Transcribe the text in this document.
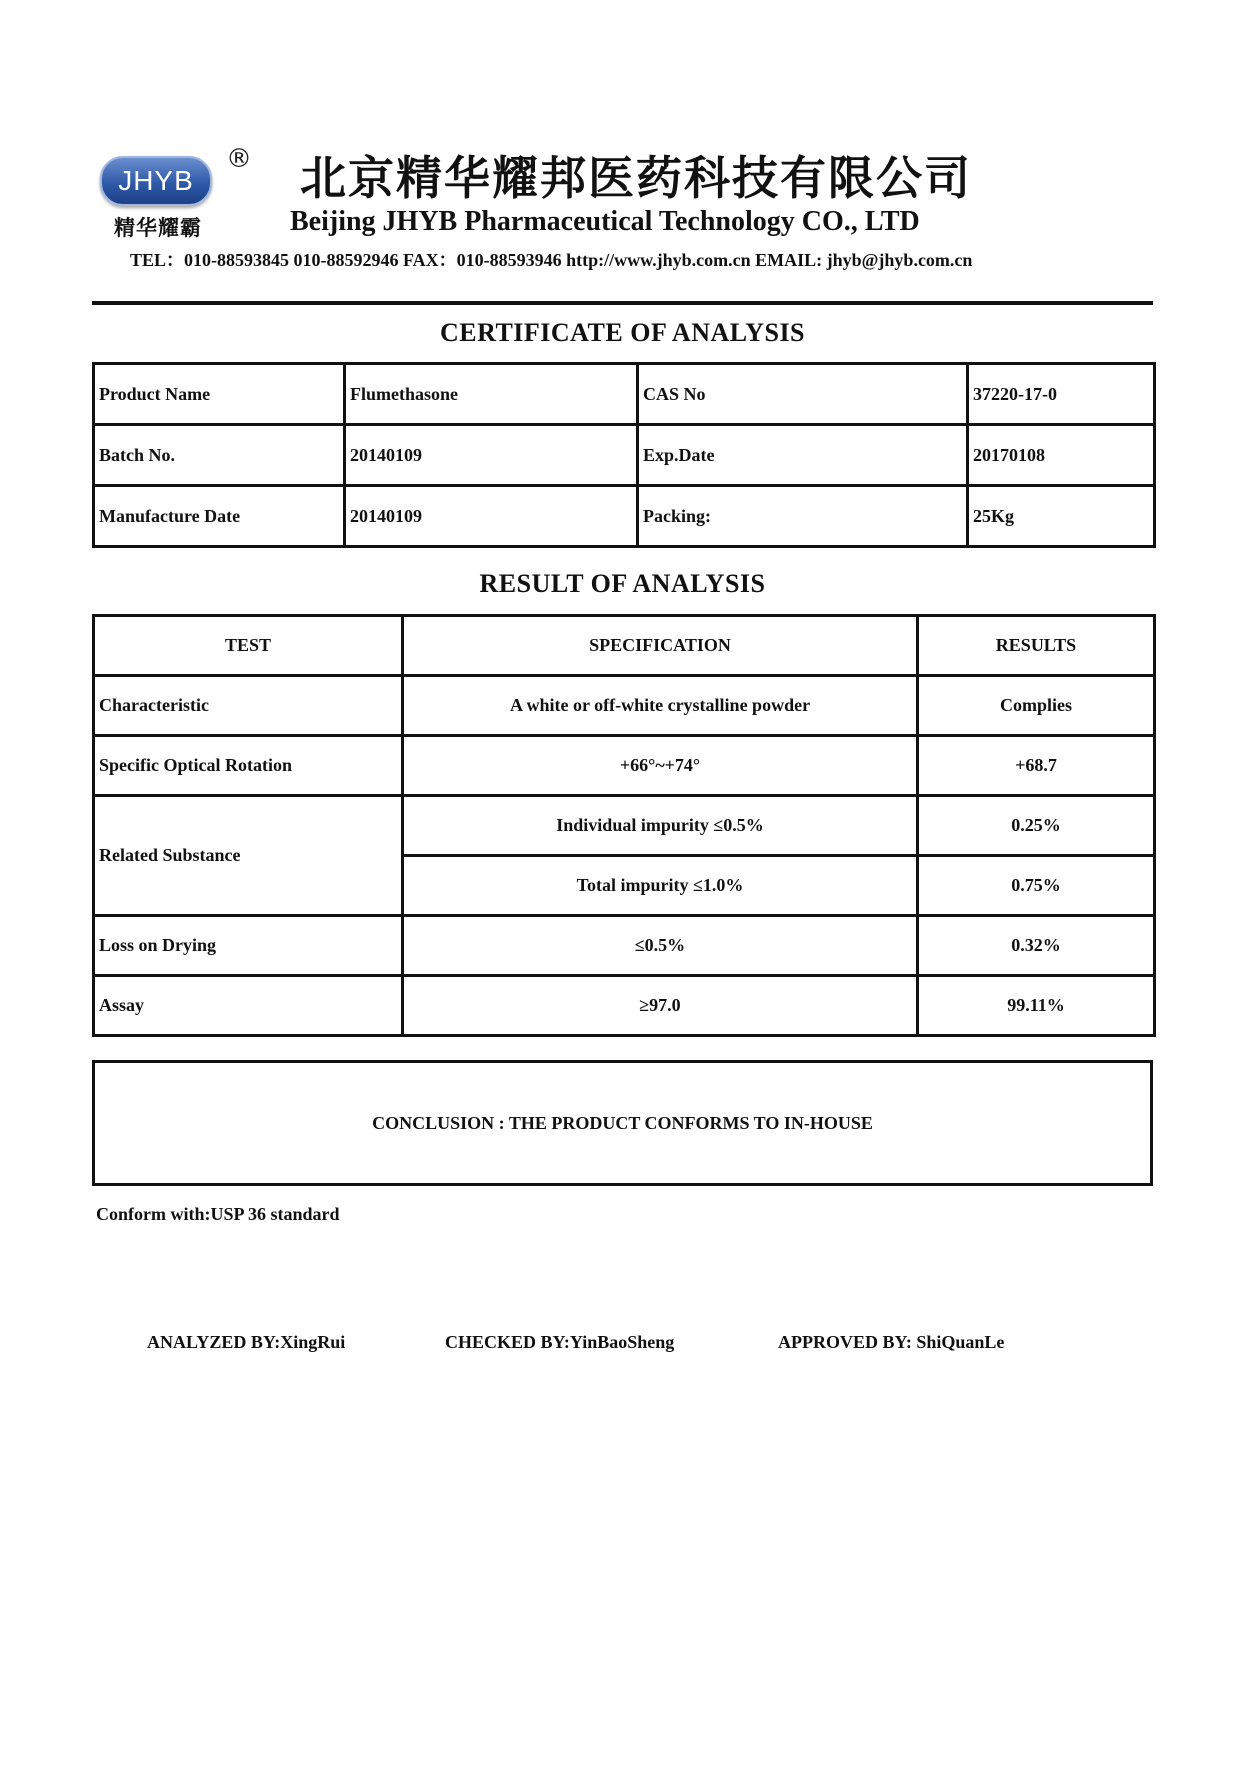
JHYB
®
精华耀霸
北京精华耀邦医药科技有限公司
Beijing JHYB Pharmaceutical Technology CO., LTD
TEL：010-88593845 010-88592946 FAX：010-88593946 http://www.jhyb.com.cn EMAIL: jhyb@jhyb.com.cn
CERTIFICATE OF ANALYSIS
Product Name	Flumethasone	CAS No	37220-17-0
Batch No.	20140109	Exp.Date	20170108
Manufacture Date	20140109	Packing:	25Kg
RESULT OF ANALYSIS
TEST	SPECIFICATION	RESULTS
Characteristic	A white or off-white crystalline powder	Complies
Specific Optical Rotation	+66°~+74°	+68.7
Related Substance	Individual impurity ≤0.5%	0.25%
	Total impurity ≤1.0%	0.75%
Loss on Drying	≤0.5%	0.32%
Assay	≥97.0	99.11%
CONCLUSION : THE PRODUCT CONFORMS TO IN-HOUSE
Conform with:USP 36 standard
ANALYZED BY:XingRui	CHECKED BY:YinBaoSheng	APPROVED BY: ShiQuanLe
